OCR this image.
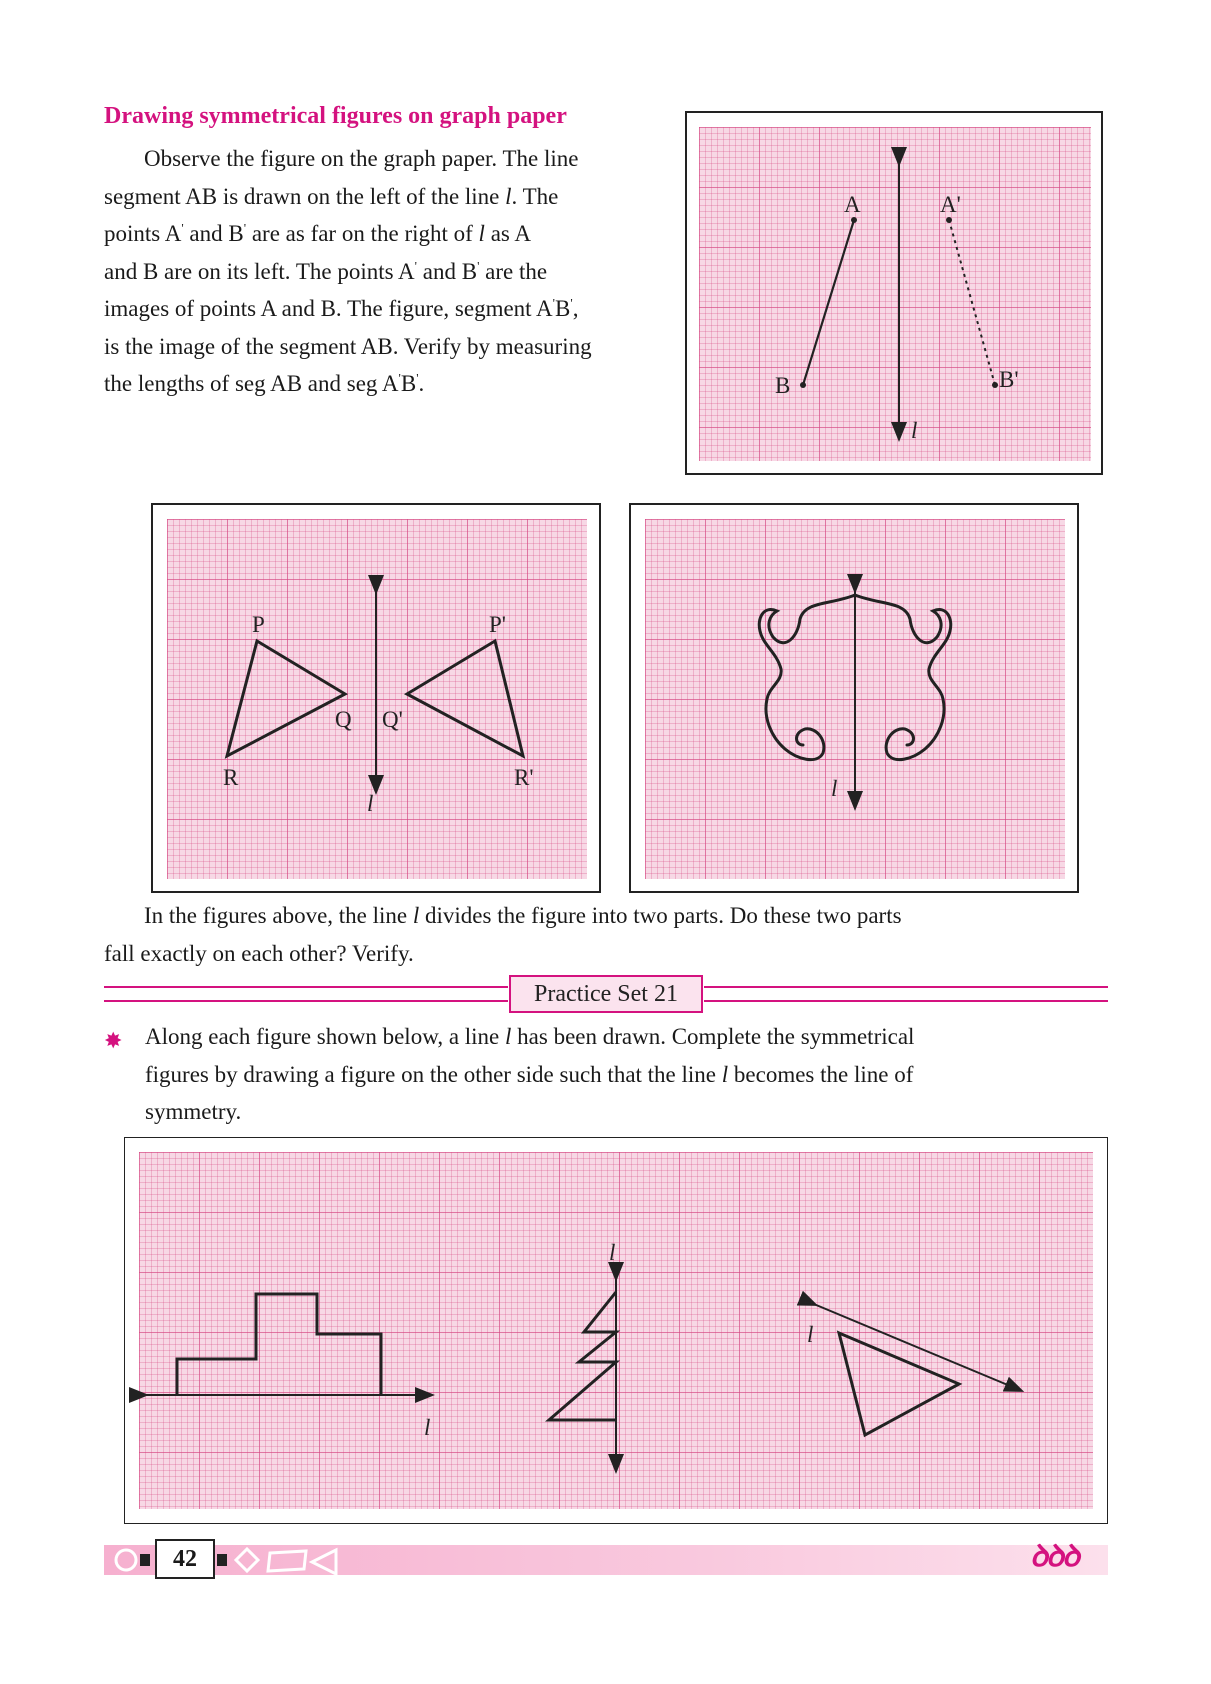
Drawing symmetrical figures on graph paper
Observe the figure on the graph paper. The line
segment AB is drawn on the left of the line l. The
points A' and B' are as far on the right of l as A
and B are on its left. The points A' and B' are the
images of points A and B. The figure, segment A'B',
is the image of the segment AB. Verify by measuring
the lengths of seg AB and seg A'B'.
A
B
A'
B'
l
P
Q
R
P'
Q'
R'
l
l
In the figures above, the line l divides the figure into two parts. Do these two parts
fall exactly on each other? Verify.
Practice Set 21
✸ Along each figure shown below, a line l has been drawn. Complete the symmetrical
figures by drawing a figure on the other side such that the line l becomes the line of
symmetry.
l
l
l
42	ꝺꝺꝺ
